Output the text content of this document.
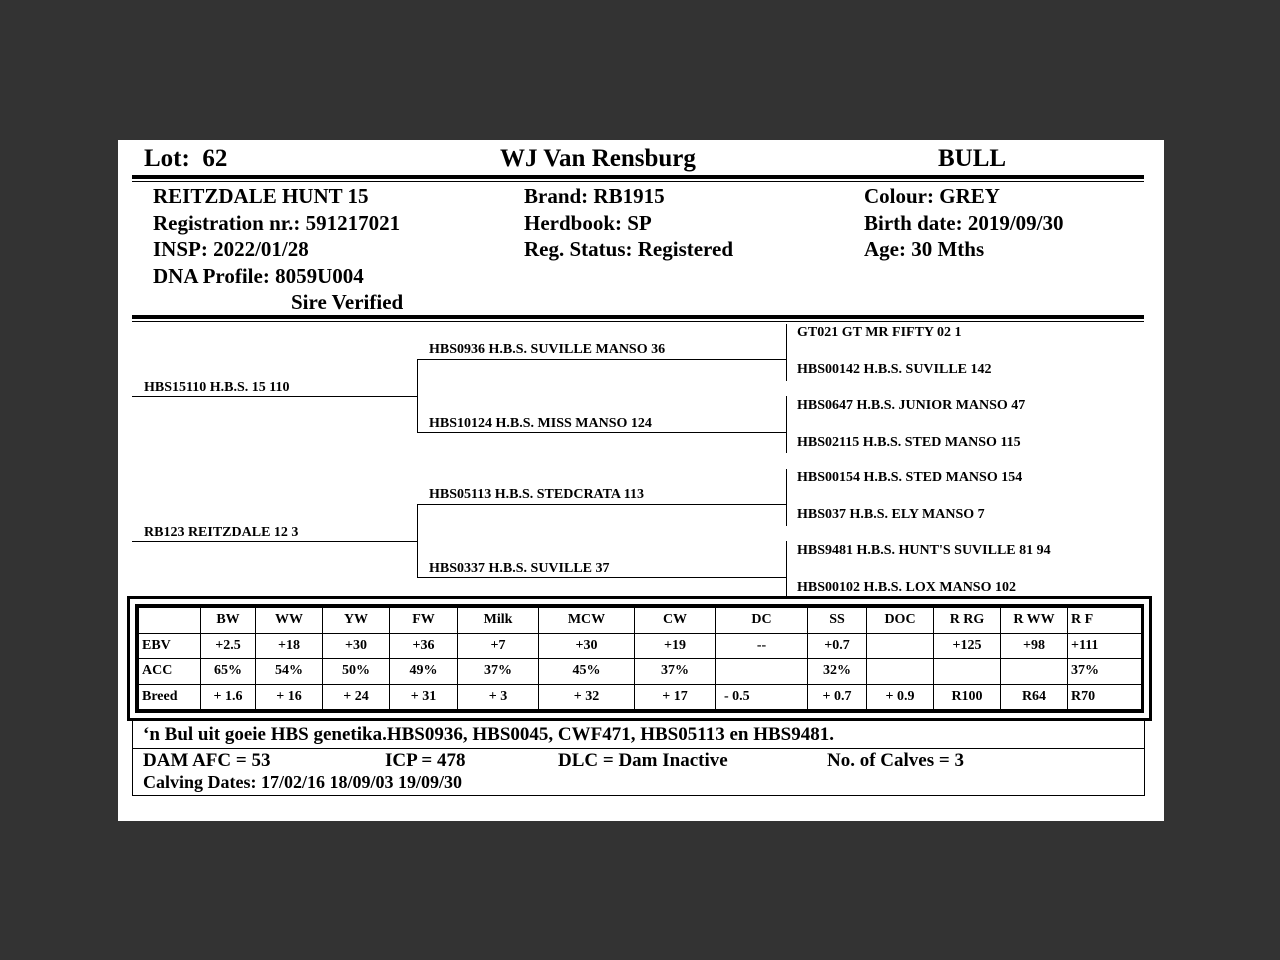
Lot: 62	WJ Van Rensburg	BULL
REITZDALE HUNT 15
Registration nr.: 591217021
INSP: 2022/01/28
DNA Profile: 8059U004
Sire Verified
Brand: RB1915
Herdbook: SP
Reg. Status: Registered
Colour: GREY
Birth date: 2019/09/30
Age: 30 Mths
HBS15110 H.B.S. 15 110
RB123 REITZDALE 12 3
HBS0936 H.B.S. SUVILLE MANSO 36
HBS10124 H.B.S. MISS MANSO 124
HBS05113 H.B.S. STEDCRATA 113
HBS0337 H.B.S. SUVILLE 37
GT021 GT MR FIFTY 02 1
HBS00142 H.B.S. SUVILLE 142
HBS0647 H.B.S. JUNIOR MANSO 47
HBS02115 H.B.S. STED MANSO 115
HBS00154 H.B.S. STED MANSO 154
HBS037 H.B.S. ELY MANSO 7
HBS9481 H.B.S. HUNT'S SUVILLE 81 94
HBS00102 H.B.S. LOX MANSO 102
	BW	WW	YW	FW	Milk	MCW	CW	DC	SS	DOC	R RG	R WW	R F
EBV	+2.5	+18	+30	+36	+7	+30	+19	--	+0.7		+125	+98	+111
ACC	65%	54%	50%	49%	37%	45%	37%		32%				37%
Breed	+ 1.6	+ 16	+ 24	+ 31	+ 3	+ 32	+ 17	- 0.5	+ 0.7	+ 0.9	R100	R64	R70
‘n Bul uit goeie HBS genetika.HBS0936, HBS0045, CWF471, HBS05113 en HBS9481.
DAM AFC = 53	ICP = 478	DLC = Dam Inactive	No. of Calves = 3
Calving Dates: 17/02/16 18/09/03 19/09/30
